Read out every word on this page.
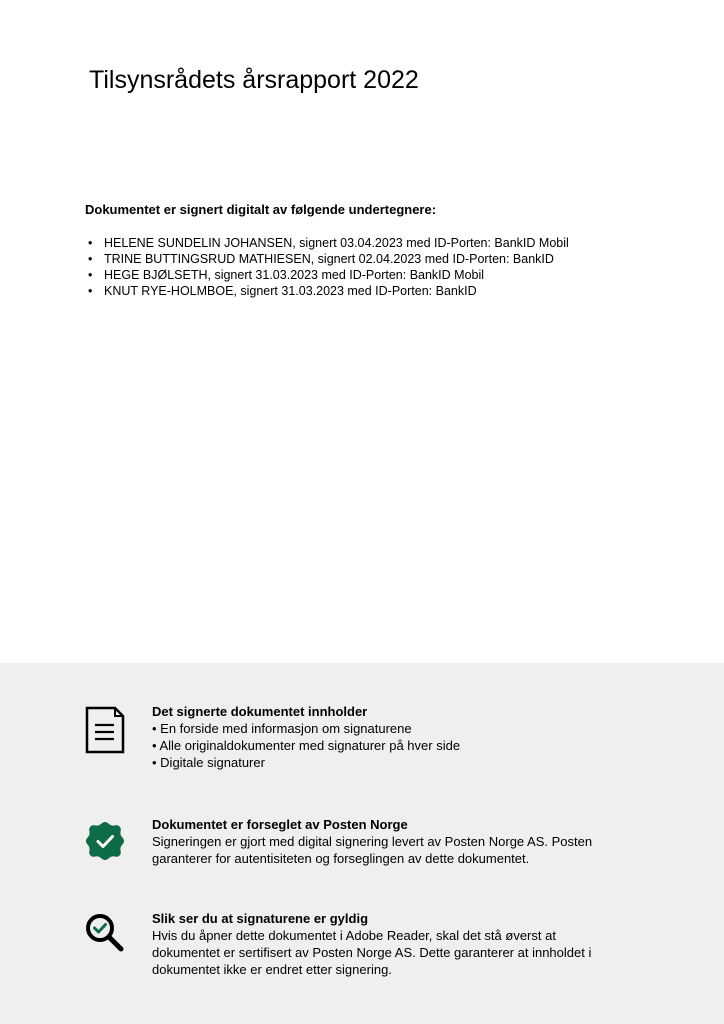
Tilsynsrådets årsrapport 2022

Dokumentet er signert digitalt av følgende undertegnere:

• HELENE SUNDELIN JOHANSEN, signert 03.04.2023 med ID-Porten: BankID Mobil
• TRINE BUTTINGSRUD MATHIESEN, signert 02.04.2023 med ID-Porten: BankID
• HEGE BJØLSETH, signert 31.03.2023 med ID-Porten: BankID Mobil
• KNUT RYE-HOLMBOE, signert 31.03.2023 med ID-Porten: BankID

Det signerte dokumentet innholder

• En forside med informasjon om signaturene

• Alle originaldokumenter med signaturer på hver side

• Digitale signaturer

Dokumentet er forseglet av Posten Norge

Signeringen er gjort med digital signering levert av Posten Norge AS. Posten

garanterer for autentisiteten og forseglingen av dette dokumentet.

Slik ser du at signaturene er gyldig

Hvis du åpner dette dokumentet i Adobe Reader, skal det stå øverst at

dokumentet er sertifisert av Posten Norge AS. Dette garanterer at innholdet i

dokumentet ikke er endret etter signering.
